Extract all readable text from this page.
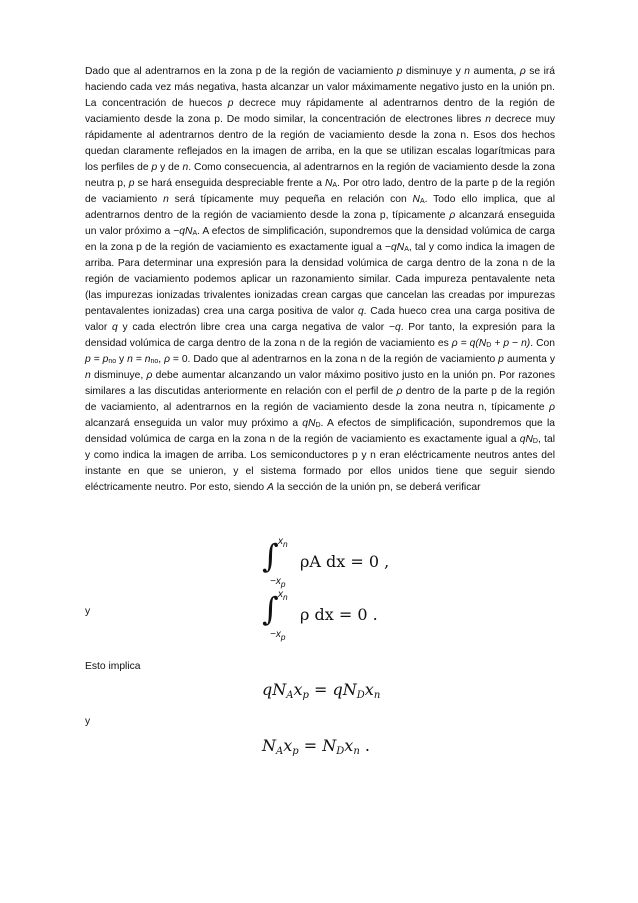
Dado que al adentrarnos en la zona p de la región de vaciamiento p disminuye y n aumenta, ρ se irá haciendo cada vez más negativa, hasta alcanzar un valor máximamente negativo justo en la unión pn. La concentración de huecos p decrece muy rápidamente al adentrarnos dentro de la región de vaciamiento desde la zona p. De modo similar, la concentración de electrones libres n decrece muy rápidamente al adentrarnos dentro de la región de vaciamiento desde la zona n. Esos dos hechos quedan claramente reflejados en la imagen de arriba, en la que se utilizan escalas logarítmicas para los perfiles de p y de n. Como consecuencia, al adentrarnos en la región de vaciamiento desde la zona neutra p, p se hará enseguida despreciable frente a $N_A$. Por otro lado, dentro de la parte p de la región de vaciamiento n será típicamente muy pequeña en relación con $N_A$. Todo ello implica, que al adentrarnos dentro de la región de vaciamiento desde la zona p, típicamente ρ alcanzará enseguida un valor próximo $a -qN_A$. A efectos de simplificación, supondremos que la densidad volúmica de carga en la zona p de la región de vaciamiento es exactamente igual $a -qN_A$, tal y como indica la imagen de arriba. Para determinar una expresión para la densidad volúmica de carga dentro de la zona n de la región de vaciamiento podemos aplicar un razonamiento similar. Cada impureza pentavalente neta (las impurezas ionizadas trivalentes ionizadas crean cargas que cancelan las creadas por impurezas pentavalentes ionizadas) crea una carga positiva de valor q. Cada hueco crea una carga positiva de valor q y cada electrón libre crea una carga negativa de valor −q. Por tanto, la expresión para la densidad volúmica de carga dentro de la zona n de la región de vaciamiento es $\rho = q(N_D + p - n)$. Con $p = p_{no}$ y $n = n_{no}$, ρ = 0. Dado que al adentrarnos en la zona n de la región de vaciamiento p aumenta y n disminuye, ρ debe aumentar alcanzando un valor máximo positivo justo en la unión pn. Por razones similares a las discutidas anteriormente en relación con el perfil de ρ dentro de la parte p de la región de vaciamiento, al adentrarnos en la región de vaciamiento desde la zona neutra n, típicamente ρ alcanzará enseguida un valor muy próximo a $qN_D$. A efectos de simplificación, supondremos que la densidad volúmica de carga en la zona n de la región de vaciamiento es exactamente igual a $qN_D$, tal y como indica la imagen de arriba. Los semiconductores p y n eran eléctricamente neutros antes del instante en que se unieron, y el sistema formado por ellos unidos tiene que seguir siendo eléctricamente neutro. Por esto, siendo A la sección de la unión pn, se deberá verificar

∫ $x_n$
$-x_p$
ρA dx = 0 ,
y	∫ $x_n$
$-x_p$
ρ dx = 0 .
Esto implica
$qN_Ax_p = qN_Dx_n$
y
$N_Ax_p = N_Dx_n$ .
